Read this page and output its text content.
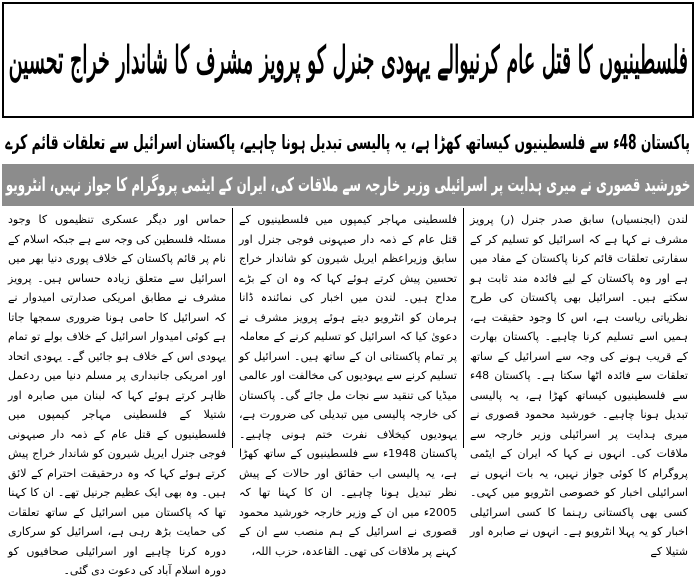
فلسطینیوں کا قتل عام کرنیوالے یہودی جنرل کو پرویز مشرف کا شاندار خراج تحسین
پاکستان 48ء سے فلسطینیوں کیساتھ کھڑا ہے، یہ پالیسی تبدیل ہونا چاہیے، پاکستان اسرائیل سے تعلقات قائم کرے
خورشید قصوری نے میری ہدایت پر اسرائیلی وزیر خارجہ سے ملاقات کی، ایران کے ایٹمی پروگرام کا جواز نہیں، انٹرویو
لندن (ایجنسیاں) سابق صدر جنرل (ر) پرویز مشرف نے کہا ہے کہ اسرائیل کو تسلیم کر کے سفارتی تعلقات قائم کرنا پاکستان کے مفاد میں ہے اور وہ پاکستان کے لیے فائدہ مند ثابت ہو سکتے ہیں۔ اسرائیل بھی پاکستان کی طرح نظریاتی ریاست ہے، اس کا وجود حقیقت ہے، ہمیں اسے تسلیم کرنا چاہیے۔ پاکستان بھارت کے قریب ہونے کی وجہ سے اسرائیل کے ساتھ تعلقات سے فائدہ اٹھا سکتا ہے۔ پاکستان 48ء سے فلسطینیوں کیساتھ کھڑا ہے، یہ پالیسی تبدیل ہونا چاہیے۔ خورشید محمود قصوری نے میری ہدایت پر اسرائیلی وزیر خارجہ سے ملاقات کی۔ انہوں نے کہا کہ ایران کے ایٹمی پروگرام کا کوئی جواز نہیں، یہ بات انہوں نے اسرائیلی اخبار کو خصوصی انٹرویو میں کہی۔ کسی بھی پاکستانی رہنما کا کسی اسرائیلی اخبار کو یہ پہلا انٹرویو ہے۔ انہوں نے صابرہ اور شتیلا کے
فلسطینی مہاجر کیمپوں میں فلسطینیوں کے قتل عام کے ذمہ دار صیہونی فوجی جنرل اور سابق وزیراعظم ایریل شیرون کو شاندار خراج تحسین پیش کرتے ہوئے کہا کہ وہ ان کے بڑے مداح ہیں۔ لندن میں اخبار کی نمائندہ ڈانا ہرمان کو انٹرویو دیتے ہوئے پرویز مشرف نے دعویٰ کیا کہ اسرائیل کو تسلیم کرنے کے معاملہ پر تمام پاکستانی ان کے ساتھ ہیں۔ اسرائیل کو تسلیم کرنے سے یہودیوں کی مخالفت اور عالمی میڈیا کی تنقید سے نجات مل جائے گی۔ پاکستان کی خارجہ پالیسی میں تبدیلی کی ضرورت ہے، یہودیوں کیخلاف نفرت ختم ہونی چاہیے۔ پاکستان 1948ء سے فلسطینیوں کے ساتھ کھڑا ہے، یہ پالیسی اب حقائق اور حالات کے پیش نظر تبدیل ہونا چاہیے۔ ان کا کہنا تھا کہ 2005ء میں ان کے وزیر خارجہ خورشید محمود قصوری نے اسرائیل کے ہم منصب سے ان کے کہنے پر ملاقات کی تھی۔ القاعدہ، حزب اللہ،
حماس اور دیگر عسکری تنظیموں کا وجود مسئلہ فلسطین کی وجہ سے ہے جبکہ اسلام کے نام پر قائم پاکستان کے خلاف پوری دنیا بھر میں اسرائیل سے متعلق زیادہ حساس ہیں۔ پرویز مشرف نے مطابق امریکی صدارتی امیدوار نے کہ اسرائیل کا حامی ہونا ضروری سمجھا جاتا ہے کوئی امیدوار اسرائیل کے خلاف بولے تو تمام یہودی اس کے خلاف ہو جائیں گے۔ یہودی اتحاد اور امریکی جانبداری پر مسلم دنیا میں ردعمل ظاہر کرتے ہوئے کہا کہ لبنان میں صابرہ اور شتیلا کے فلسطینی مہاجر کیمپوں میں فلسطینیوں کے قتل عام کے ذمہ دار صیہونی فوجی جنرل ایریل شیرون کو شاندار خراج پیش کرتے ہوئے کہا کہ وہ درحقیقت احترام کے لائق ہیں۔ وہ بھی ایک عظیم جرنیل تھے۔ ان کا کہنا تھا کہ پاکستان میں اسرائیل کے ساتھ تعلقات کی حمایت بڑھ رہی ہے، اسرائیل کو سرکاری دورہ کرنا چاہیے اور اسرائیلی صحافیوں کو دورہ اسلام آباد کی دعوت دی گئی۔
